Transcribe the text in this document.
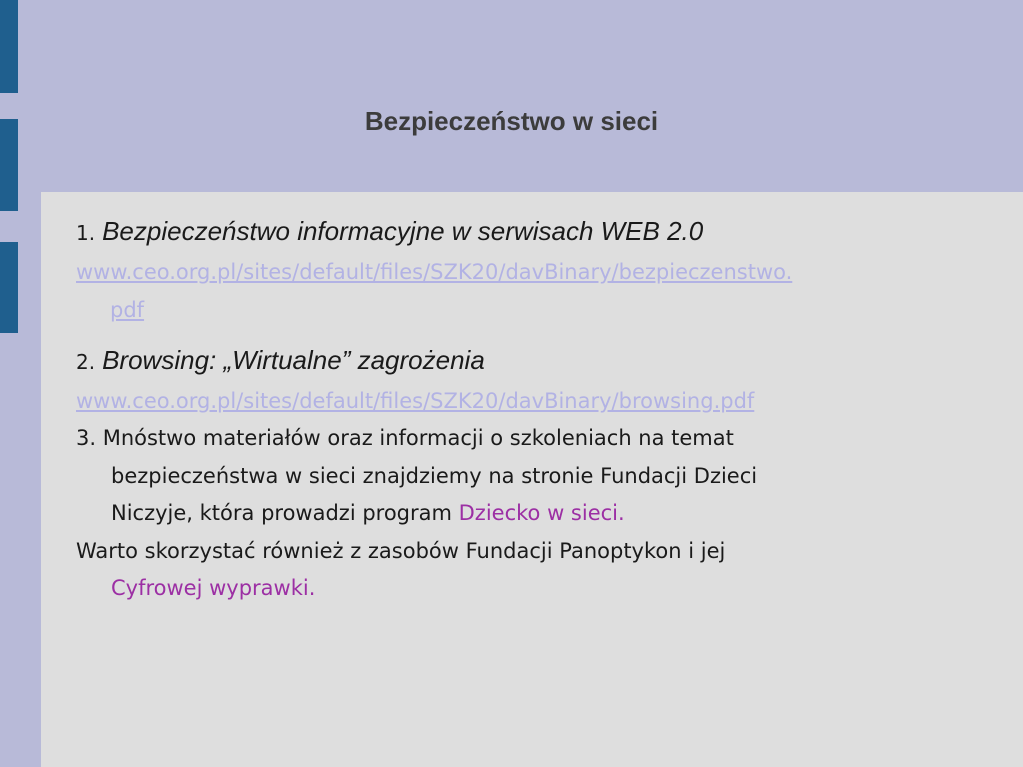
Bezpieczeństwo w sieci

1. Bezpieczeństwo informacyjne w serwisach WEB 2.0

www.ceo.org.pl/sites/default/files/SZK20/davBinary/bezpieczenstwo.
pdf

2. Browsing: „Wirtualne” zagrożenia

www.ceo.org.pl/sites/default/files/SZK20/davBinary/browsing.pdf

3. Mnóstwo materiałów oraz informacji o szkoleniach na temat
bezpieczeństwa w sieci znajdziemy na stronie Fundacji Dzieci
Niczyje, która prowadzi program Dziecko w sieci.

Warto skorzystać również z zasobów Fundacji Panoptykon i jej
Cyfrowej wyprawki.
